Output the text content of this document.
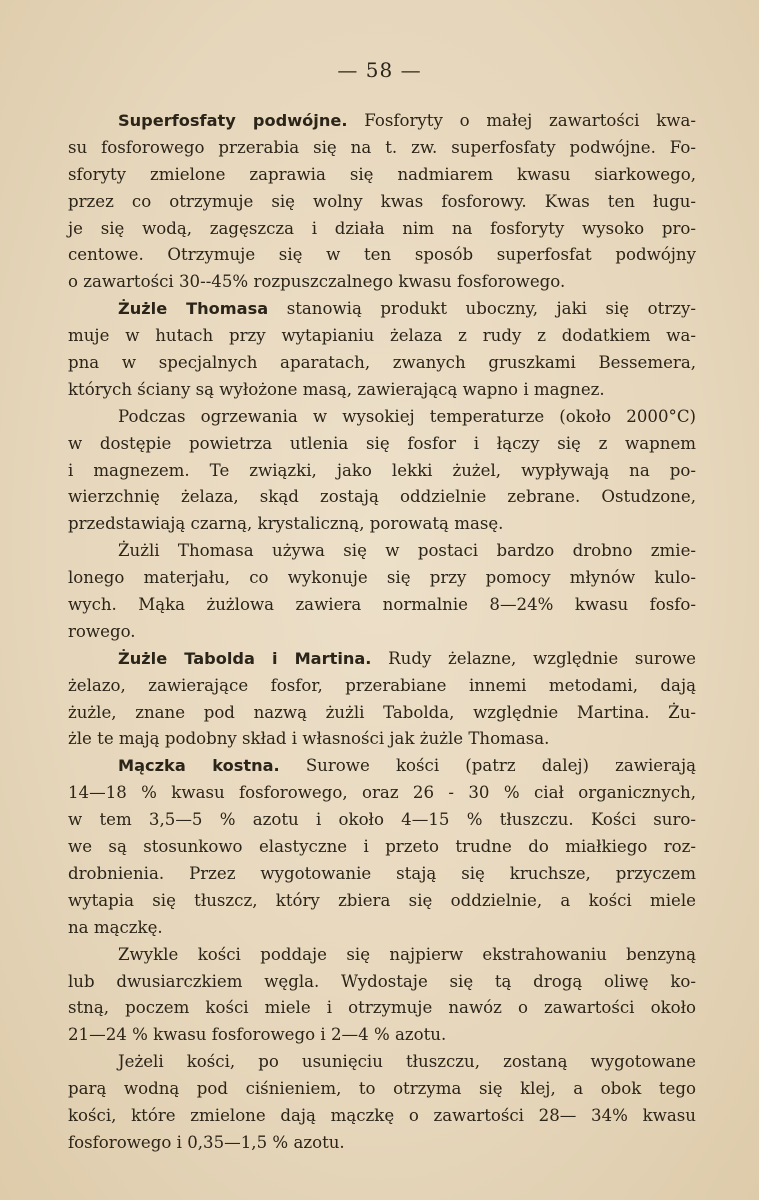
— 58 —
Superfosfaty podwójne. Fosforyty o małej zawartości kwa-
su fosforowego przerabia się na t. zw. superfosfaty podwójne. Fo-
sforyty zmielone zaprawia się nadmiarem kwasu siarkowego,
przez co otrzymuje się wolny kwas fosforowy. Kwas ten ługu-
je się wodą, zagęszcza i działa nim na fosforyty wysoko pro-
centowe. Otrzymuje się w ten sposób superfosfat podwójny
o zawartości 30--45% rozpuszczalnego kwasu fosforowego.
Żużle Thomasa stanowią produkt uboczny, jaki się otrzy-
muje w hutach przy wytapianiu żelaza z rudy z dodatkiem wa-
pna w specjalnych aparatach, zwanych gruszkami Bessemera,
których ściany są wyłożone masą, zawierającą wapno i magnez.
Podczas ogrzewania w wysokiej temperaturze (około 2000°C)
w dostępie powietrza utlenia się fosfor i łączy się z wapnem
i magnezem. Te związki, jako lekki żużel, wypływają na po-
wierzchnię żelaza, skąd zostają oddzielnie zebrane. Ostudzone,
przedstawiają czarną, krystaliczną, porowatą masę.
Żużli Thomasa używa się w postaci bardzo drobno zmie-
lonego materjału, co wykonuje się przy pomocy młynów kulo-
wych. Mąka żużlowa zawiera normalnie 8—24% kwasu fosfo-
rowego.
Żużle Tabolda i Martina. Rudy żelazne, względnie surowe
żelazo, zawierające fosfor, przerabiane innemi metodami, dają
żużle, znane pod nazwą żużli Tabolda, względnie Martina. Żu-
żle te mają podobny skład i własności jak żużle Thomasa.
Mączka kostna. Surowe kości (patrz dalej) zawierają
14—18 % kwasu fosforowego, oraz 26 - 30 % ciał organicznych,
w tem 3,5—5 % azotu i około 4—15 % tłuszczu. Kości suro-
we są stosunkowo elastyczne i przeto trudne do miałkiego roz-
drobnienia. Przez wygotowanie stają się kruchsze, przyczem
wytapia się tłuszcz, który zbiera się oddzielnie, a kości miele
na mączkę.
Zwykle kości poddaje się najpierw ekstrahowaniu benzyną
lub dwusiarczkiem węgla. Wydostaje się tą drogą oliwę ko-
stną, poczem kości miele i otrzymuje nawóz o zawartości około
21—24 % kwasu fosforowego i 2—4 % azotu.
Jeżeli kości, po usunięciu tłuszczu, zostaną wygotowane
parą wodną pod ciśnieniem, to otrzyma się klej, a obok tego
kości, które zmielone dają mączkę o zawartości 28— 34% kwasu
fosforowego i 0,35—1,5 % azotu.
